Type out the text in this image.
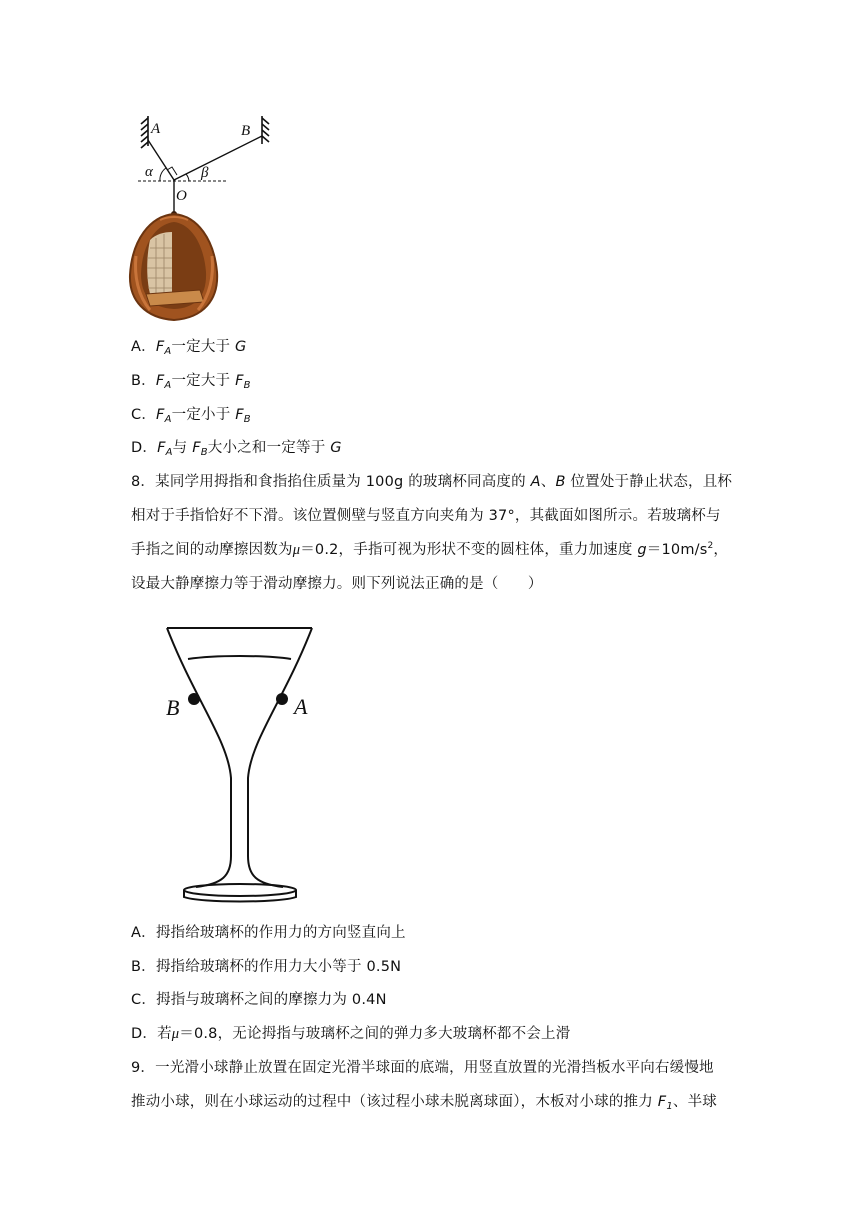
A	B
O
α	β
A．$F_A$一定大于 G
B．$F_A$一定大于 $F_B$
C．$F_A$一定小于 $F_B$
D．$F_A$与 $F_B$大小之和一定等于 G
8．某同学用拇指和食指掐住质量为 100g 的玻璃杯同高度的 A、B 位置处于静止状态，且杯
相对于手指恰好不下滑。该位置侧壁与竖直方向夹角为 37°，其截面如图所示。若玻璃杯与
手指之间的动摩擦因数为μ＝0.2，手指可视为形状不变的圆柱体，重力加速度 $g=10m/s^2$，
设最大静摩擦力等于滑动摩擦力。则下列说法正确的是（　　）
B	A
A．拇指给玻璃杯的作用力的方向竖直向上
B．拇指给玻璃杯的作用力大小等于 0.5N
C．拇指与玻璃杯之间的摩擦力为 0.4N
D．若μ＝0.8，无论拇指与玻璃杯之间的弹力多大玻璃杯都不会上滑
9．一光滑小球静止放置在固定光滑半球面的底端，用竖直放置的光滑挡板水平向右缓慢地
推动小球，则在小球运动的过程中（该过程小球未脱离球面），木板对小球的推力 $F_1$、半球
